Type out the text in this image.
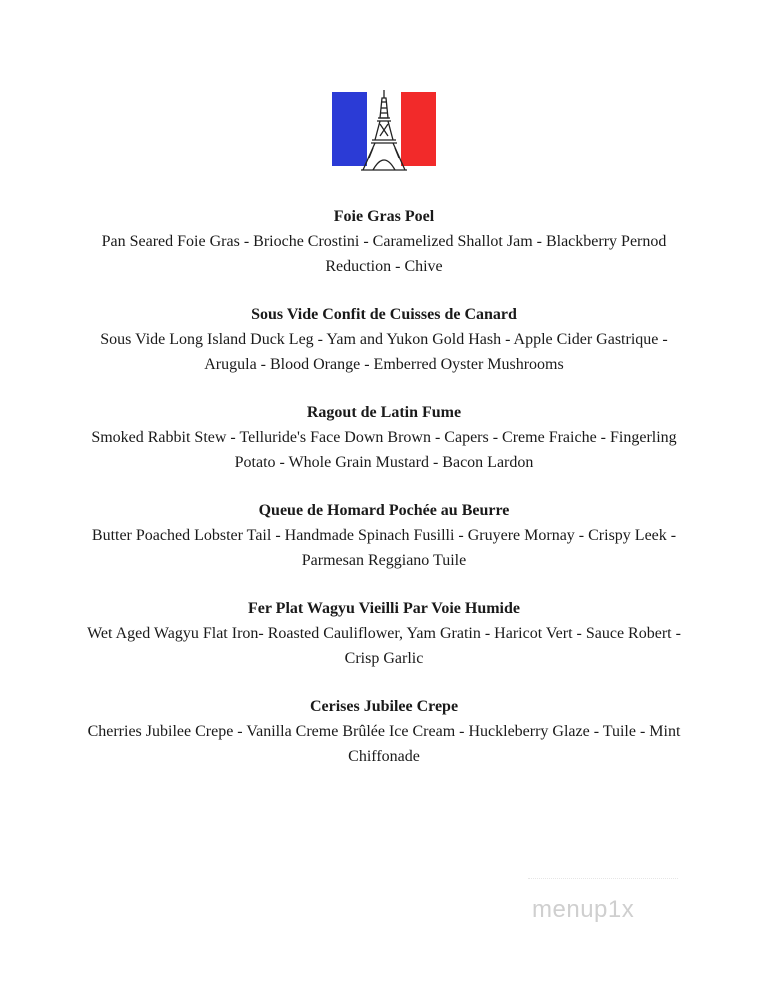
Foie Gras Poel
Pan Seared Foie Gras - Brioche Crostini - Caramelized Shallot Jam - Blackberry Pernod Reduction - Chive
Sous Vide Confit de Cuisses de Canard
Sous Vide Long Island Duck Leg - Yam and Yukon Gold Hash - Apple Cider Gastrique - Arugula - Blood Orange - Emberred Oyster Mushrooms
Ragout de Latin Fume
Smoked Rabbit Stew - Telluride's Face Down Brown - Capers - Creme Fraiche - Fingerling Potato - Whole Grain Mustard - Bacon Lardon
Queue de Homard Pochée au Beurre
Butter Poached Lobster Tail - Handmade Spinach Fusilli - Gruyere Mornay - Crispy Leek - Parmesan Reggiano Tuile
Fer Plat Wagyu Vieilli Par Voie Humide
Wet Aged Wagyu Flat Iron- Roasted Cauliflower, Yam Gratin - Haricot Vert - Sauce Robert - Crisp Garlic
Cerises Jubilee Crepe
Cherries Jubilee Crepe - Vanilla Creme Brûlée Ice Cream - Huckleberry Glaze - Tuile - Mint Chiffonade
menup1x
